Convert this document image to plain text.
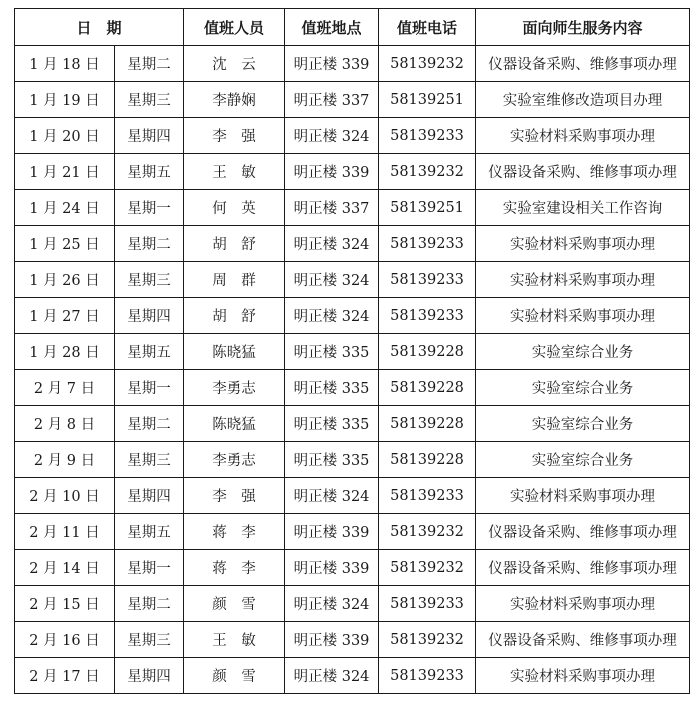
日　期		值班人员	值班地点	值班电话	面向师生服务内容
1 月 18 日	星期二	沈　云	明正楼 339	58139232	仪器设备采购、维修事项办理
1 月 19 日	星期三	李静娴	明正楼 337	58139251	实验室维修改造项目办理
1 月 20 日	星期四	李　强	明正楼 324	58139233	实验材料采购事项办理
1 月 21 日	星期五	王　敏	明正楼 339	58139232	仪器设备采购、维修事项办理
1 月 24 日	星期一	何　英	明正楼 337	58139251	实验室建设相关工作咨询
1 月 25 日	星期二	胡　舒	明正楼 324	58139233	实验材料采购事项办理
1 月 26 日	星期三	周　群	明正楼 324	58139233	实验材料采购事项办理
1 月 27 日	星期四	胡　舒	明正楼 324	58139233	实验材料采购事项办理
1 月 28 日	星期五	陈晓猛	明正楼 335	58139228	实验室综合业务
2 月 7 日	星期一	李勇志	明正楼 335	58139228	实验室综合业务
2 月 8 日	星期二	陈晓猛	明正楼 335	58139228	实验室综合业务
2 月 9 日	星期三	李勇志	明正楼 335	58139228	实验室综合业务
2 月 10 日	星期四	李　强	明正楼 324	58139233	实验材料采购事项办理
2 月 11 日	星期五	蒋　李	明正楼 339	58139232	仪器设备采购、维修事项办理
2 月 14 日	星期一	蒋　李	明正楼 339	58139232	仪器设备采购、维修事项办理
2 月 15 日	星期二	颜　雪	明正楼 324	58139233	实验材料采购事项办理
2 月 16 日	星期三	王　敏	明正楼 339	58139232	仪器设备采购、维修事项办理
2 月 17 日	星期四	颜　雪	明正楼 324	58139233	实验材料采购事项办理
